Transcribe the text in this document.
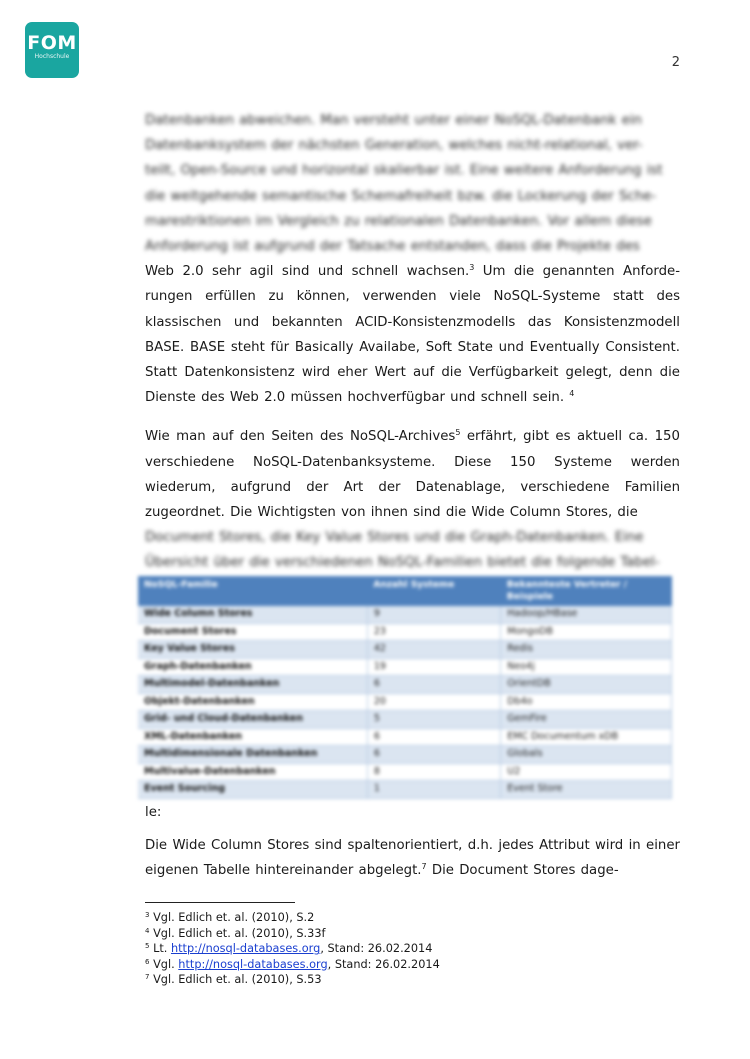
FOM
Hochschule	2

Datenbanken abweichen. Man versteht unter einer NoSQL-Datenbank ein

Datenbanksystem der nächsten Generation, welches nicht-relational, ver-

teilt, Open-Source und horizontal skalierbar ist. Eine weitere Anforderung ist

die weitgehende semantische Schemafreiheit bzw. die Lockerung der Sche-

marestriktionen im Vergleich zu relationalen Datenbanken. Vor allem diese

Anforderung ist aufgrund der Tatsache entstanden, dass die Projekte des

Web 2.0 sehr agil sind und schnell wachsen.$^3$ Um die genannten Anforde- rungen erfüllen zu können, verwenden viele NoSQL-Systeme statt des klassischen und bekannten ACID-Konsistenzmodells das Konsistenzmodell BASE. BASE steht für Basically Availabe, Soft State und Eventually Consistent. Statt Datenkonsistenz wird eher Wert auf die Verfügbarkeit gelegt, denn die Dienste des Web 2.0 müssen hochverfügbar und schnell sein. $^4$

Wie man auf den Seiten des NoSQL-Archives$^5$ erfährt, gibt es aktuell ca. 150 verschiedene NoSQL-Datenbanksysteme. Diese 150 Systeme werden wiederum, aufgrund der Art der Datenablage, verschiedene Familien zugeordnet. Die Wichtigsten von ihnen sind die Wide Column Stores, die

Document Stores, die Key Value Stores und die Graph-Datenbanken. Eine

Übersicht über die verschiedenen NoSQL-Familien bietet die folgende Tabel-

NoSQL-Familie	Anzahl Systeme	Bekannteste Vertreter / Beispiele
Wide Column Stores	9	Hadoop/HBase
Document Stores	23	MongoDB
Key Value Stores	42	Redis
Graph-Datenbanken	19	Neo4j
Multimodel-Datenbanken	6	OrientDB
Objekt-Datenbanken	20	Db4o
Grid- und Cloud-Datenbanken	5	GemFire
XML-Datenbanken	6	EMC Documentum xDB
Multidimensionale Datenbanken	6	Globals
Multivalue-Datenbanken	8	U2
Event Sourcing	1	Event Store
le:

Die Wide Column Stores sind spaltenorientiert, d.h. jedes Attribut wird in einer eigenen Tabelle hintereinander abgelegt.$^7$ Die Document Stores dage-

$^3$ Vgl. Edlich et. al. (2010), S.2
$^4$ Vgl. Edlich et. al. (2010), S.33f
$^5$ Lt. http://nosql-databases.org, Stand: 26.02.2014
$^6$ Vgl. http://nosql-databases.org, Stand: 26.02.2014
$^7$ Vgl. Edlich et. al. (2010), S.53
